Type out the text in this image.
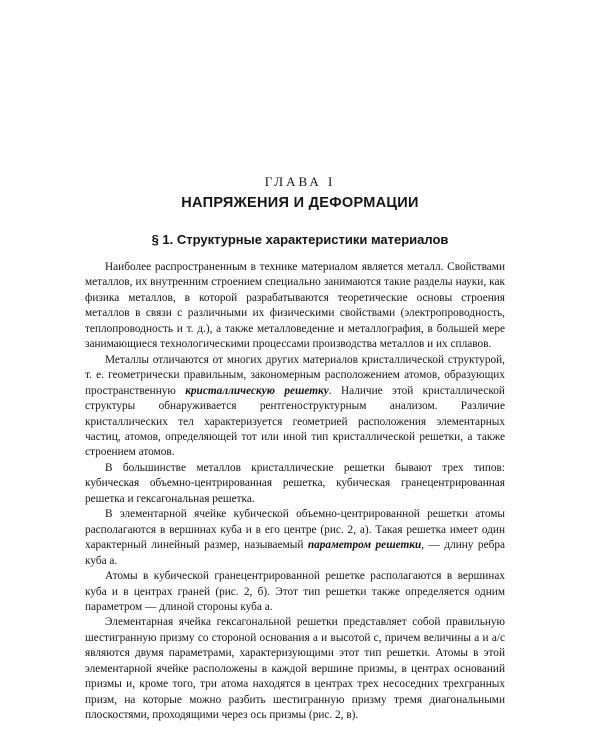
ГЛАВА I
НАПРЯЖЕНИЯ И ДЕФОРМАЦИИ
§ 1. Структурные характеристики материалов

Наиболее распространенным в технике материалом является металл. Свойствами металлов, их внутренним строением специально занимаются такие разделы науки, как физика металлов, в которой разрабатываются теоретические основы строения металлов в связи с различными их физическими свойствами (электропроводность, теплопроводность и т. д.), а также металловедение и металлография, в большей мере занимающиеся технологическими процессами производства металлов и их сплавов.

Металлы отличаются от многих других материалов кристаллической структурой, т. е. геометрически правильным, закономерным расположением атомов, образующих пространственную кристаллическую решетку. Наличие этой кристаллической структуры обнаруживается рентгеноструктурным анализом. Различие кристаллических тел характеризуется геометрией расположения элементарных частиц, атомов, определяющей тот или иной тип кристаллической решетки, а также строением атомов.

В большинстве металлов кристаллические решетки бывают трех типов: кубическая объемно-центрированная решетка, кубическая гранецентрированная решетка и гексагональная решетка.

В элементарной ячейке кубической объемно-центрированной решетки атомы располагаются в вершинах куба и в его центре (рис. 2, а). Такая решетка имеет один характерный линейный размер, называемый параметром решетки, — длину ребра куба а.

Атомы в кубической гранецентрированной решетке располагаются в вершинах куба и в центрах граней (рис. 2, б). Этот тип решетки также определяется одним параметром — длиной стороны куба а.

Элементарная ячейка гексагональной решетки представляет собой правильную шестигранную призму со стороной основания а и высотой с, причем величины а и а/с являются двумя параметрами, характеризующими этот тип решетки. Атомы в этой элементарной ячейке расположены в каждой вершине призмы, в центрах оснований призмы и, кроме того, три атома находятся в центрах трех несоседних трехгранных призм, на которые можно разбить шестигранную призму тремя диагональными плоскостями, проходящими через ось призмы (рис. 2, в).
